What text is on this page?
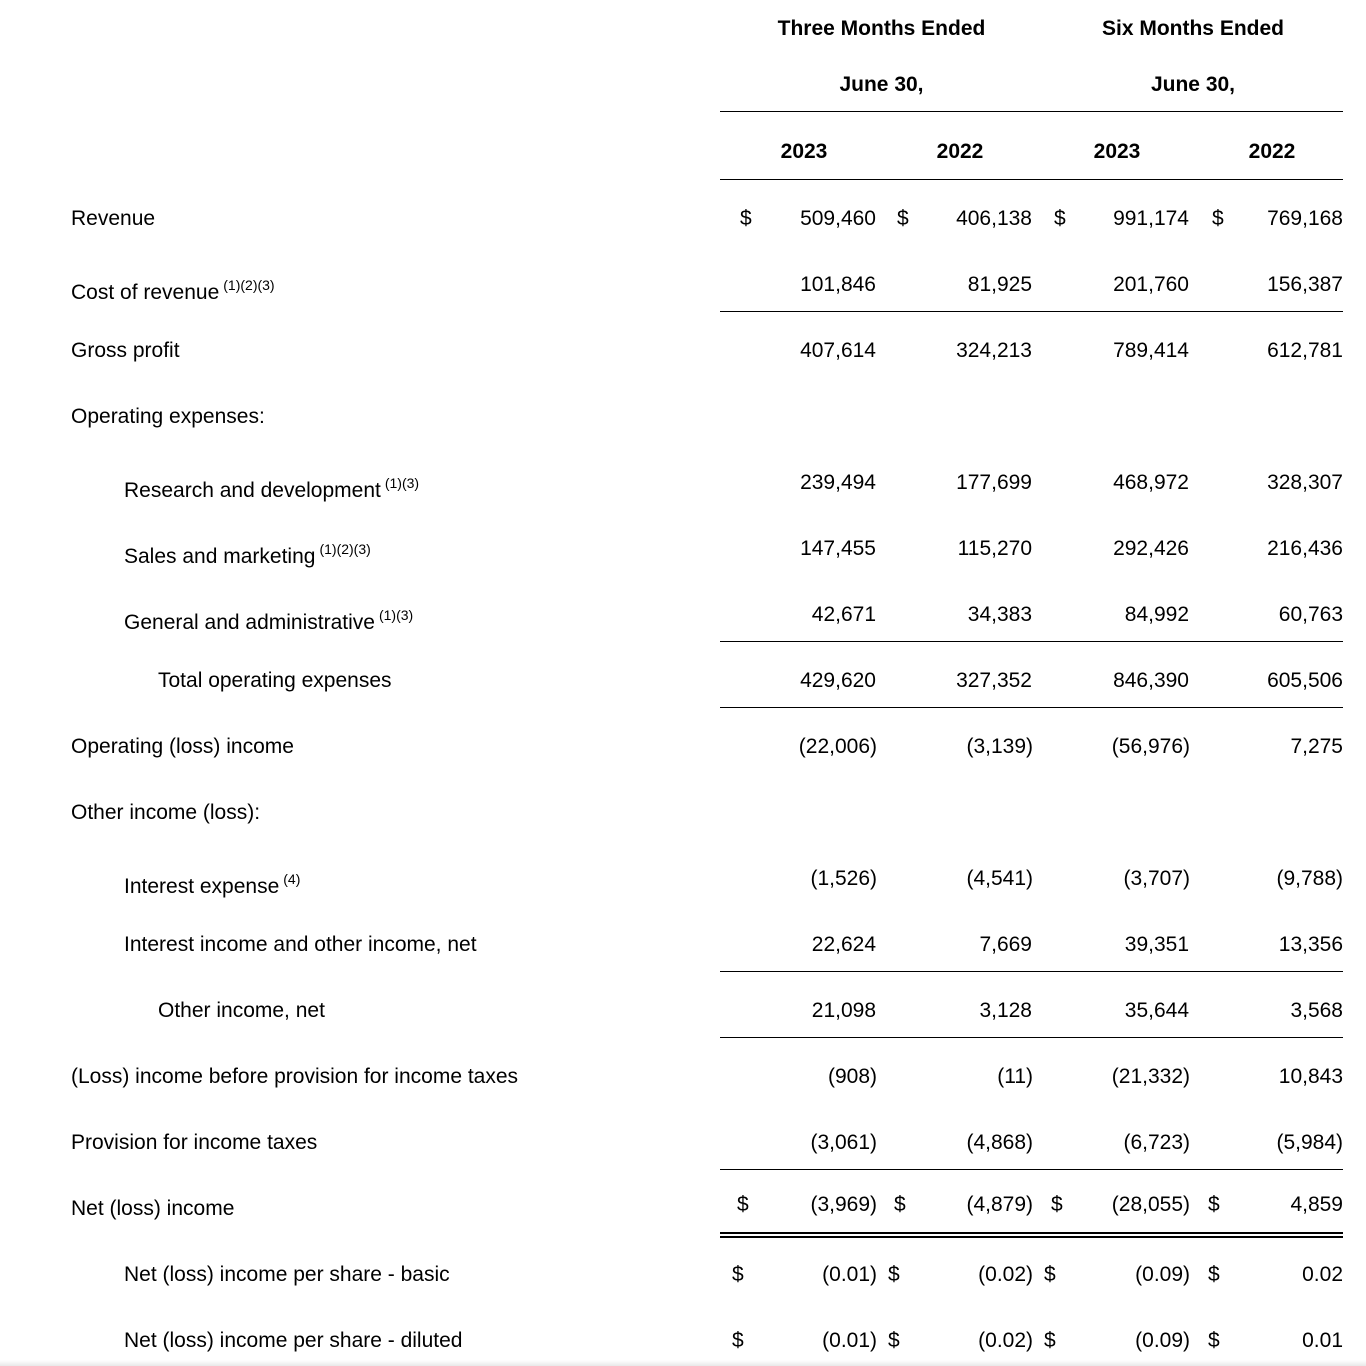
Three Months Ended
June 30,
Six Months Ended
June 30,
2023	2022	2023	2022
Revenue	$ 509,460 $ 406,138 $ 991,174 $ 769,168
Cost of revenue $^{(1)(2)(3)}$	101,846	81,925	201,760	156,387
Gross profit	407,614	324,213	789,414	612,781
Operating expenses:
Research and development $^{(1)(3)}$	239,494	177,699	468,972	328,307
Sales and marketing $^{(1)(2)(3)}$	147,455	115,270	292,426	216,436
General and administrative $^{(1)(3)}$	42,671	34,383	84,992	60,763
Total operating expenses	429,620	327,352	846,390	605,506
Operating (loss) income	(22,006)	(3,139)	(56,976)	7,275
Other income (loss):
Interest expense $^{(4)}$	(1,526)	(4,541)	(3,707)	(9,788)
Interest income and other income, net	22,624	7,669	39,351	13,356
Other income, net	21,098	3,128	35,644	3,568
(Loss) income before provision for income taxes	(908)	(11)	(21,332)	10,843
Provision for income taxes	(3,061)	(4,868)	(6,723)	(5,984)
Net (loss) income	$	(3,969) $	(4,879) $ (28,055) $	4,859
Net (loss) income per share - basic	$	(0.01) $	(0.02) $	(0.09) $	0.02
Net (loss) income per share - diluted	$	(0.01) $	(0.02) $	(0.09) $	0.01
